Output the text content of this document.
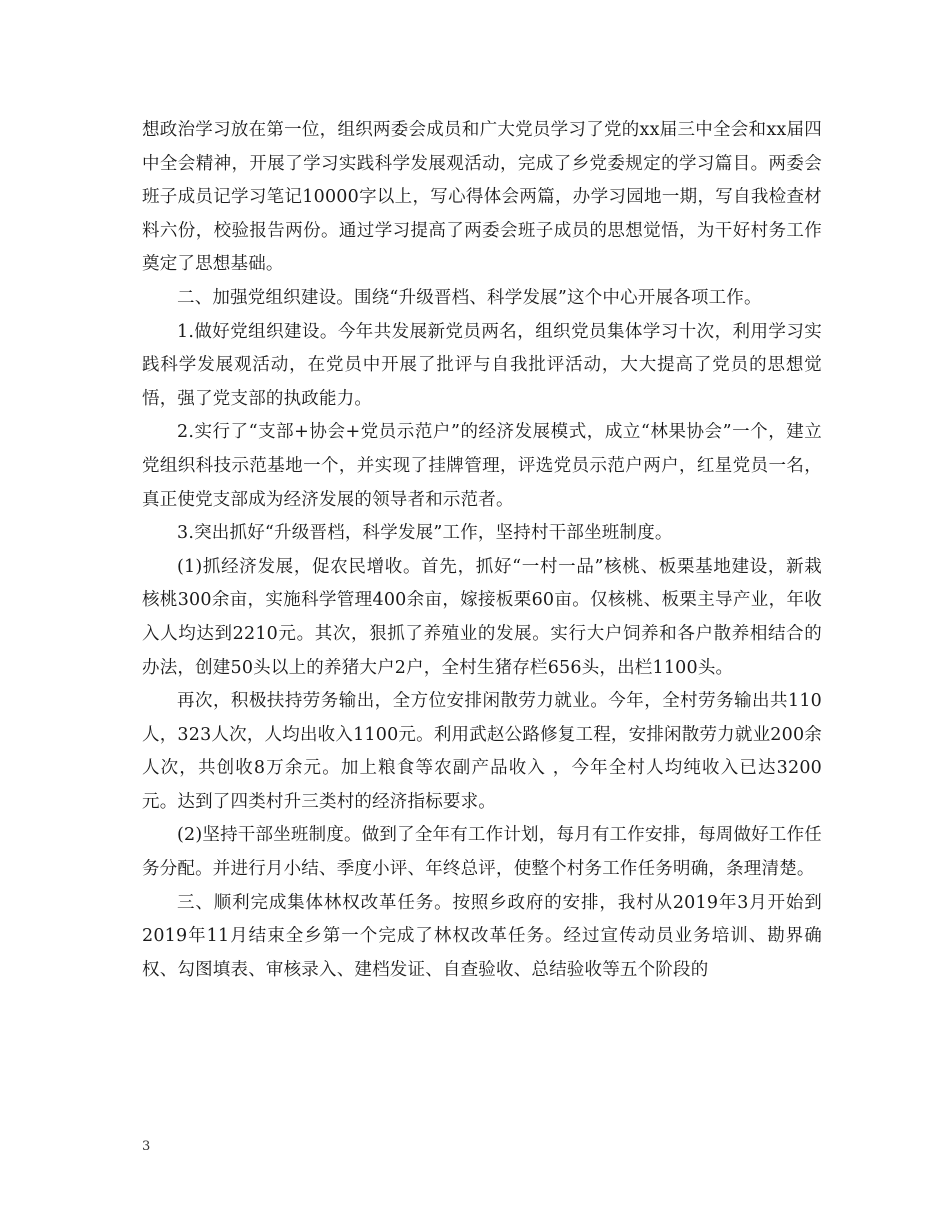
想政治学习放在第一位，组织两委会成员和广大党员学习了党的xx届三中全会和xx届四中全会精神，开展了学习实践科学发展观活动，完成了乡党委规定的学习篇目。两委会班子成员记学习笔记10000字以上，写心得体会两篇，办学习园地一期，写自我检查材料六份，校验报告两份。通过学习提高了两委会班子成员的思想觉悟，为干好村务工作奠定了思想基础。

二、加强党组织建设。围绕“升级晋档、科学发展”这个中心开展各项工作。

1.做好党组织建设。今年共发展新党员两名，组织党员集体学习十次，利用学习实践科学发展观活动，在党员中开展了批评与自我批评活动，大大提高了党员的思想觉悟，强了党支部的执政能力。

2.实行了“支部+协会+党员示范户”的经济发展模式，成立“林果协会”一个，建立党组织科技示范基地一个，并实现了挂牌管理，评选党员示范户两户，红星党员一名，真正使党支部成为经济发展的领导者和示范者。

3.突出抓好“升级晋档，科学发展”工作，坚持村干部坐班制度。

(1)抓经济发展，促农民增收。首先，抓好“一村一品”核桃、板栗基地建设，新栽核桃300余亩，实施科学管理400余亩，嫁接板栗60亩。仅核桃、板栗主导产业，年收入人均达到2210元。其次，狠抓了养殖业的发展。实行大户饲养和各户散养相结合的办法，创建50头以上的养猪大户2户，全村生猪存栏656头，出栏1100头。

再次，积极扶持劳务输出，全方位安排闲散劳力就业。今年，全村劳务输出共110人，323人次，人均出收入1100元。利用武赵公路修复工程，安排闲散劳力就业200余人次，共创收8万余元。加上粮食等农副产品收入 ，今年全村人均纯收入已达3200元。达到了四类村升三类村的经济指标要求。

(2)坚持干部坐班制度。做到了全年有工作计划，每月有工作安排，每周做好工作任务分配。并进行月小结、季度小评、年终总评，使整个村务工作任务明确，条理清楚。

三、顺利完成集体林权改革任务。按照乡政府的安排，我村从2019年3月开始到2019年11月结束全乡第一个完成了林权改革任务。经过宣传动员业务培训、勘界确权、勾图填表、审核录入、建档发证、自查验收、总结验收等五个阶段的

3
